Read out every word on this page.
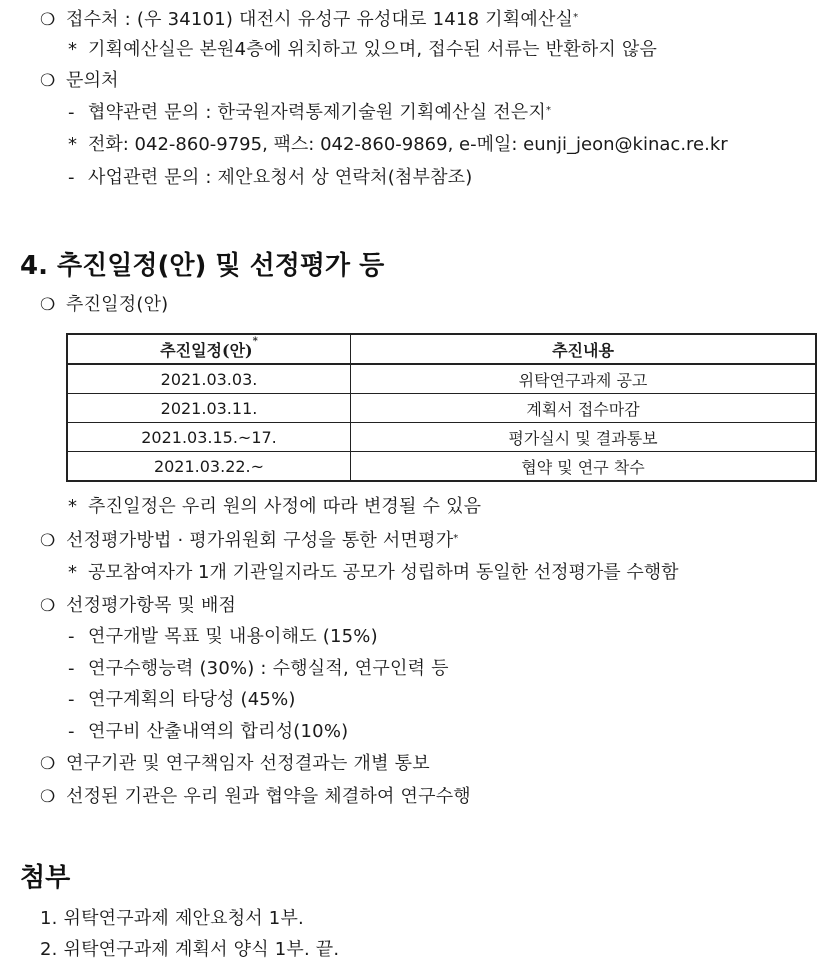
❍ 접수처 : (우 34101) 대전시 유성구 유성대로 1418 기획예산실*
* 기획예산실은 본원4층에 위치하고 있으며, 접수된 서류는 반환하지 않음
❍ 문의처
- 협약관련 문의 : 한국원자력통제기술원 기획예산실 전은지*
* 전화: 042-860-9795, 팩스: 042-860-9869, e-메일: eunji_jeon@kinac.re.kr
- 사업관련 문의 : 제안요청서 상 연락처(첨부참조)
4. 추진일정(안) 및 선정평가 등
❍ 추진일정(안)
추진일정(안)*	추진내용
2021.03.03.	위탁연구과제 공고
2021.03.11.	계획서 접수마감
2021.03.15.~17.	평가실시 및 결과통보
2021.03.22.~	협약 및 연구 착수
* 추진일정은 우리 원의 사정에 따라 변경될 수 있음
❍ 선정평가방법 · 평가위원회 구성을 통한 서면평가*
* 공모참여자가 1개 기관일지라도 공모가 성립하며 동일한 선정평가를 수행함
❍ 선정평가항목 및 배점
- 연구개발 목표 및 내용이해도 (15%)
- 연구수행능력 (30%) : 수행실적, 연구인력 등
- 연구계획의 타당성 (45%)
- 연구비 산출내역의 합리성(10%)
❍ 연구기관 및 연구책임자 선정결과는 개별 통보
❍ 선정된 기관은 우리 원과 협약을 체결하여 연구수행
첨부
1. 위탁연구과제 제안요청서 1부.
2. 위탁연구과제 계획서 양식 1부. 끝.
